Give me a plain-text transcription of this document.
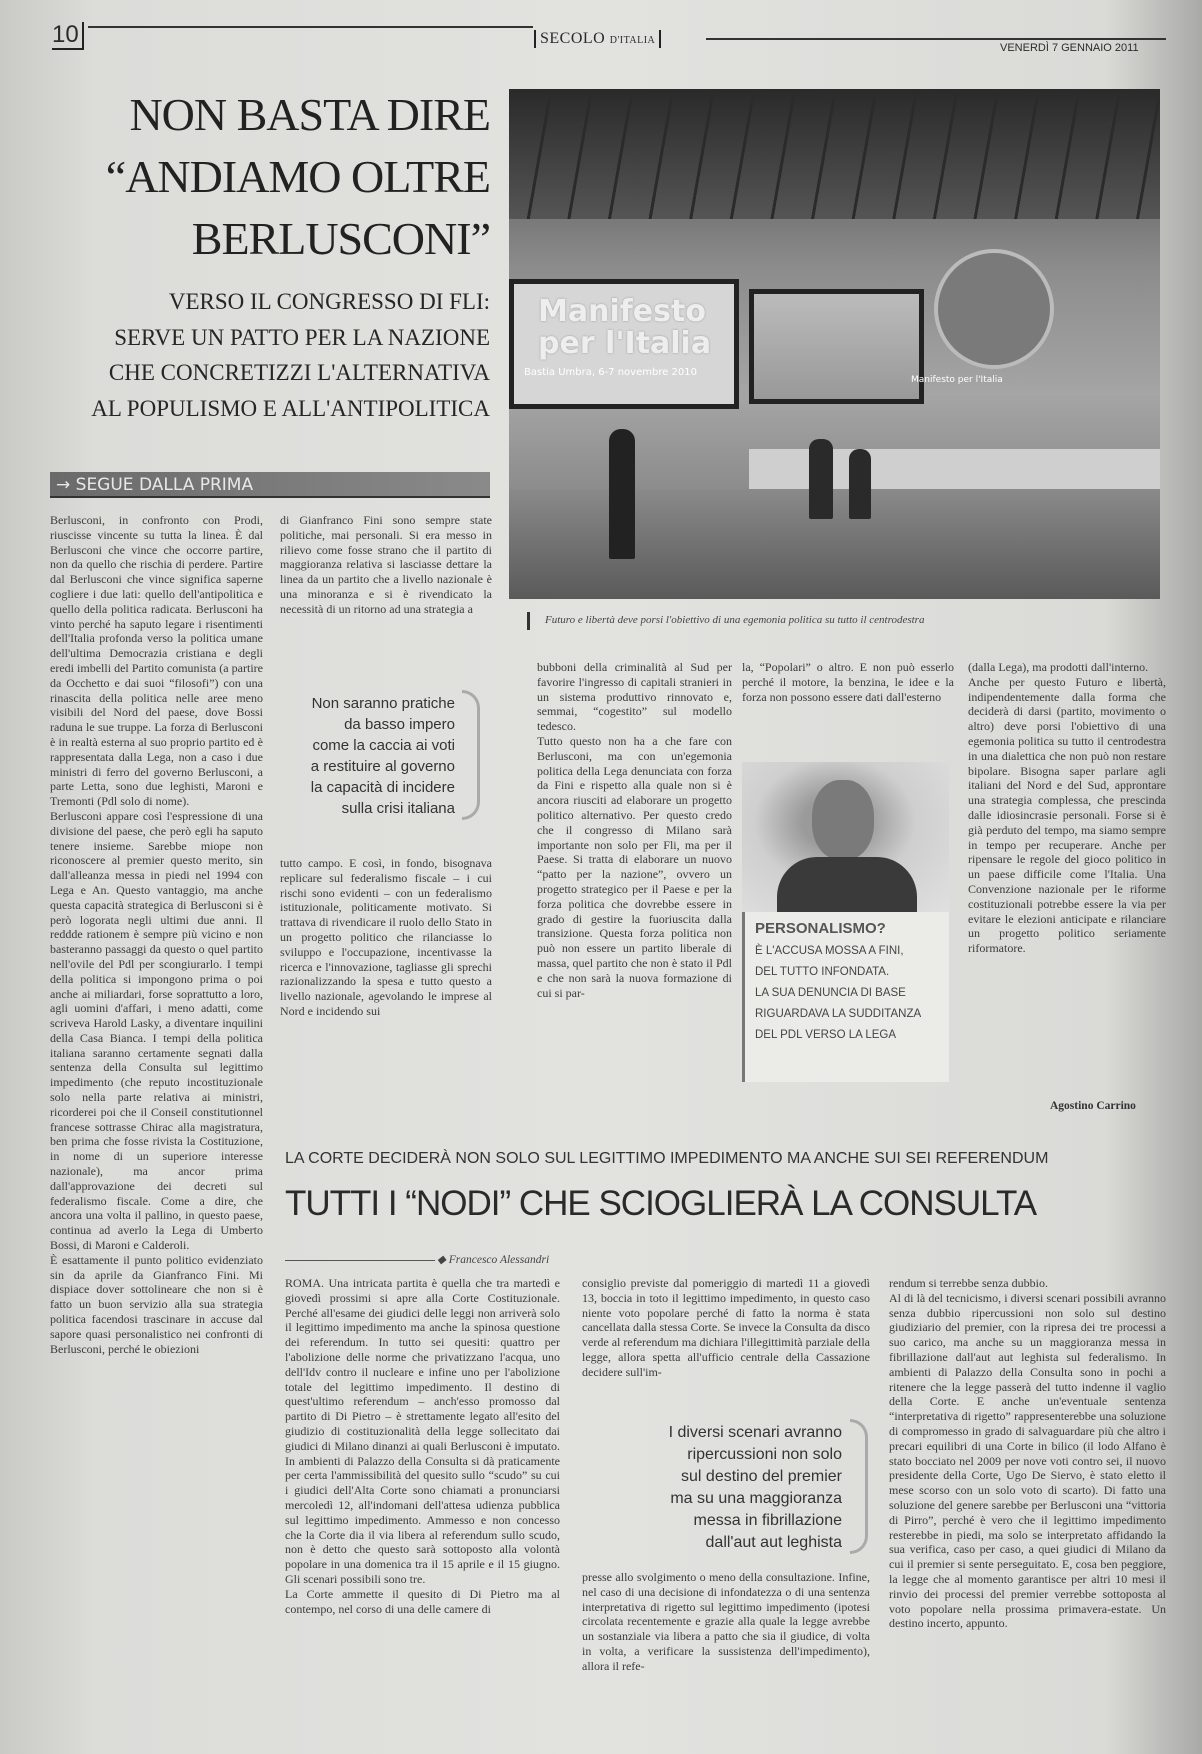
10	SECOLO D'ITALIA
VENERDÌ 7 GENNAIO 2011
NON BASTA DIRE
“ANDIAMO OLTRE
BERLUSCONI”
VERSO IL CONGRESSO DI FLI:
SERVE UN PATTO PER LA NAZIONE
CHE CONCRETIZZI L'ALTERNATIVA
AL POPULISMO E ALL'ANTIPOLITICA
→ SEGUE DALLA PRIMA
Manifesto
per l'Italia
Bastia Umbra, 6-7 novembre 2010
Manifesto per l'Italia
Futuro e libertà deve porsi l'obiettivo di una egemonia politica su tutto il centrodestra
Berlusconi, in confronto con Prodi, riuscisse vincente su tutta la linea. È dal Berlusconi che vince che occorre partire, non da quello che rischia di perdere. Partire dal Berlusconi che vince significa saperne cogliere i due lati: quello dell'antipolitica e quello della politica radicata. Berlusconi ha vinto perché ha saputo legare i risentimenti dell'Italia profonda verso la politica umane dell'ultima Democrazia cristiana e degli eredi imbelli del Partito comunista (a partire da Occhetto e dai suoi “filosofi”) con una rinascita della politica nelle aree meno visibili del Nord del paese, dove Bossi raduna le sue truppe. La forza di Berlusconi è in realtà esterna al suo proprio partito ed è rappresentata dalla Lega, non a caso i due ministri di ferro del governo Berlusconi, a parte Letta, sono due leghisti, Maroni e Tremonti (Pdl solo di nome).
Berlusconi appare così l'espressione di una divisione del paese, che però egli ha saputo tenere insieme. Sarebbe miope non riconoscere al premier questo merito, sin dall'alleanza messa in piedi nel 1994 con Lega e An. Questo vantaggio, ma anche questa capacità strategica di Berlusconi si è però logorata negli ultimi due anni. Il reddde rationem è sempre più vicino e non basteranno passaggi da questo o quel partito nell'ovile del Pdl per scongiurarlo. I tempi della politica si impongono prima o poi anche ai miliardari, forse soprattutto a loro, agli uomini d'affari, i meno adatti, come scriveva Harold Lasky, a diventare inquilini della Casa Bianca. I tempi della politica italiana saranno certamente segnati dalla sentenza della Consulta sul legittimo impedimento (che reputo incostituzionale solo nella parte relativa ai ministri, ricorderei poi che il Conseil constitutionnel francese sottrasse Chirac alla magistratura, ben prima che fosse rivista la Costituzione, in nome di un superiore interesse nazionale), ma ancor prima dall'approvazione dei decreti sul federalismo fiscale. Come a dire, che ancora una volta il pallino, in questo paese, continua ad averlo la Lega di Umberto Bossi, di Maroni e Calderoli.
È esattamente il punto politico evidenziato sin da aprile da Gianfranco Fini. Mi dispiace dover sottolineare che non si è fatto un buon servizio alla sua strategia politica facendosi trascinare in accuse dal sapore quasi personalistico nei confronti di Berlusconi, perché le obiezioni
di Gianfranco Fini sono sempre state politiche, mai personali. Si era messo in rilievo come fosse strano che il partito di maggioranza relativa si lasciasse dettare la linea da un partito che a livello nazionale è una minoranza e si è rivendicato la necessità di un ritorno ad una strategia a
Non saranno pratiche
da basso impero
come la caccia ai voti
a restituire al governo
la capacità di incidere
sulla crisi italiana
tutto campo. E così, in fondo, bisognava replicare sul federalismo fiscale – i cui rischi sono evidenti – con un federalismo istituzionale, politicamente motivato. Si trattava di rivendicare il ruolo dello Stato in un progetto politico che rilanciasse lo sviluppo e l'occupazione, incentivasse la ricerca e l'innovazione, tagliasse gli sprechi razionalizzando la spesa e tutto questo a livello nazionale, agevolando le imprese al Nord e incidendo sui
bubboni della criminalità al Sud per favorire l'ingresso di capitali stranieri in un sistema produttivo rinnovato e, semmai, “cogestito” sul modello tedesco.
Tutto questo non ha a che fare con Berlusconi, ma con un'egemonia politica della Lega denunciata con forza da Fini e rispetto alla quale non si è ancora riusciti ad elaborare un progetto politico alternativo. Per questo credo che il congresso di Milano sarà importante non solo per Fli, ma per il Paese. Si tratta di elaborare un nuovo “patto per la nazione”, ovvero un progetto strategico per il Paese e per la forza politica che dovrebbe essere in grado di gestire la fuoriuscita dalla transizione. Questa forza politica non può non essere un partito liberale di massa, quel partito che non è stato il Pdl e che non sarà la nuova formazione di cui si par-
la, “Popolari” o altro. E non può esserlo perché il motore, la benzina, le idee e la forza non possono essere dati dall'esterno
(dalla Lega), ma prodotti dall'interno.
Anche per questo Futuro e libertà, indipendentemente dalla forma che deciderà di darsi (partito, movimento o altro) deve porsi l'obiettivo di una egemonia politica su tutto il centrodestra in una dialettica che non può non restare bipolare. Bisogna saper parlare agli italiani del Nord e del Sud, approntare una strategia complessa, che prescinda dalle idiosincrasie personali. Forse si è già perduto del tempo, ma siamo sempre in tempo per recuperare. Anche per ripensare le regole del gioco politico in un paese difficile come l'Italia. Una Convenzione nazionale per le riforme costituzionali potrebbe essere la via per evitare le elezioni anticipate e rilanciare un progetto politico seriamente riformatore.
PERSONALISMO?
È L'ACCUSA MOSSA A FINI,
DEL TUTTO INFONDATA.
LA SUA DENUNCIA DI BASE
RIGUARDAVA LA SUDDITANZA
DEL PDL VERSO LA LEGA
Agostino Carrino
LA CORTE DECIDERÀ NON SOLO SUL LEGITTIMO IMPEDIMENTO MA ANCHE SUI SEI REFERENDUM
TUTTI I “NODI” CHE SCIOGLIERÀ LA CONSULTA
◆ Francesco Alessandri
ROMA. Una intricata partita è quella che tra martedì e giovedì prossimi si apre alla Corte Costituzionale. Perché all'esame dei giudici delle leggi non arriverà solo il legittimo impedimento ma anche la spinosa questione dei referendum. In tutto sei quesiti: quattro per l'abolizione delle norme che privatizzano l'acqua, uno dell'Idv contro il nucleare e infine uno per l'abolizione totale del legittimo impedimento. Il destino di quest'ultimo referendum – anch'esso promosso dal partito di Di Pietro – è strettamente legato all'esito del giudizio di costituzionalità della legge sollecitato dai giudici di Milano dinanzi ai quali Berlusconi è imputato. In ambienti di Palazzo della Consulta si dà praticamente per certa l'ammissibilità del quesito sullo “scudo” su cui i giudici dell'Alta Corte sono chiamati a pronunciarsi mercoledì 12, all'indomani dell'attesa udienza pubblica sul legittimo impedimento. Ammesso e non concesso che la Corte dia il via libera al referendum sullo scudo, non è detto che questo sarà sottoposto alla volontà popolare in una domenica tra il 15 aprile e il 15 giugno. Gli scenari possibili sono tre.
La Corte ammette il quesito di Di Pietro ma al contempo, nel corso di una delle camere di
consiglio previste dal pomeriggio di martedì 11 a giovedì 13, boccia in toto il legittimo impedimento, in questo caso niente voto popolare perché di fatto la norma è stata cancellata dalla stessa Corte. Se invece la Consulta da disco verde al referendum ma dichiara l'illegittimità parziale della legge, allora spetta all'ufficio centrale della Cassazione decidere sull'im-
I diversi scenari avranno
ripercussioni non solo
sul destino del premier
ma su una maggioranza
messa in fibrillazione
dall'aut aut leghista
presse allo svolgimento o meno della consultazione. Infine, nel caso di una decisione di infondatezza o di una sentenza interpretativa di rigetto sul legittimo impedimento (ipotesi circolata recentemente e grazie alla quale la legge avrebbe un sostanziale via libera a patto che sia il giudice, di volta in volta, a verificare la sussistenza dell'impedimento), allora il refe-
rendum si terrebbe senza dubbio.
Al di là del tecnicismo, i diversi scenari possibili avranno senza dubbio ripercussioni non solo sul destino giudiziario del premier, con la ripresa dei tre processi a suo carico, ma anche su un maggioranza messa in fibrillazione dall'aut aut leghista sul federalismo. In ambienti di Palazzo della Consulta sono in pochi a ritenere che la legge passerà del tutto indenne il vaglio della Corte. E anche un'eventuale sentenza “interpretativa di rigetto” rappresenterebbe una soluzione di compromesso in grado di salvaguardare più che altro i precari equilibri di una Corte in bilico (il lodo Alfano è stato bocciato nel 2009 per nove voti contro sei, il nuovo presidente della Corte, Ugo De Siervo, è stato eletto il mese scorso con un solo voto di scarto). Di fatto una soluzione del genere sarebbe per Berlusconi una “vittoria di Pirro”, perché è vero che il legittimo impedimento resterebbe in piedi, ma solo se interpretato affidando la sua verifica, caso per caso, a quei giudici di Milano da cui il premier si sente perseguitato. E, cosa ben peggiore, la legge che al momento garantisce per altri 10 mesi il rinvio dei processi del premier verrebbe sottoposta al voto popolare nella prossima primavera-estate. Un destino incerto, appunto.
